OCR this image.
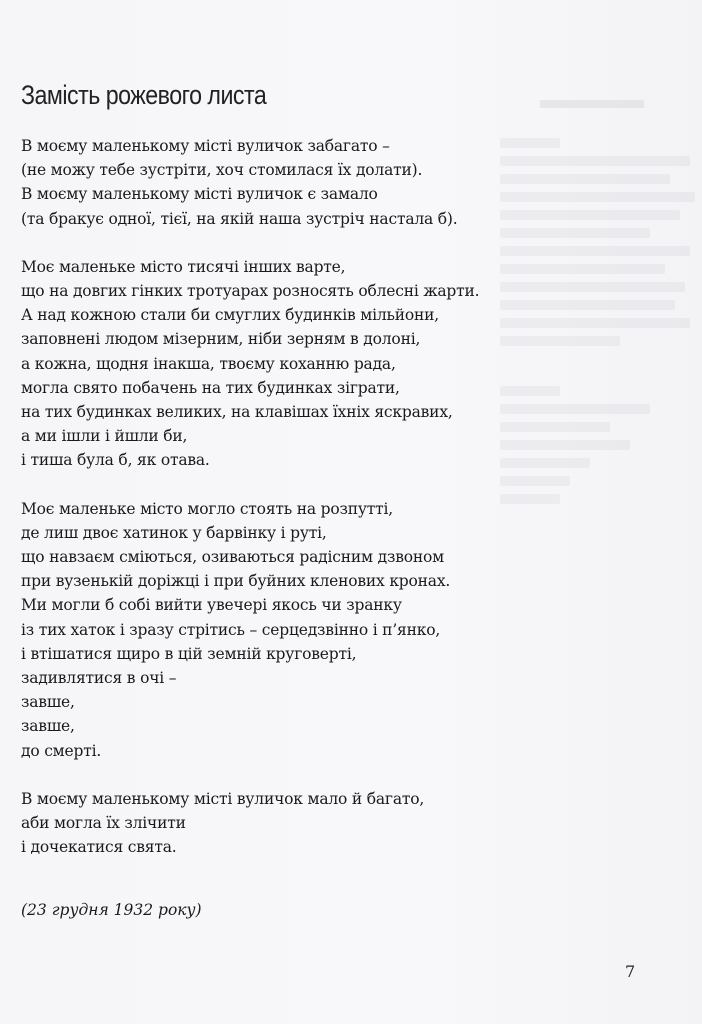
▬▬▬▬
Замість рожевого листа
В моєму маленькому місті вуличок забагато –
(не можу тебе зустріти, хоч стомилася їх долати).
В моєму маленькому місті вуличок є замало
(та бракує одної, тієї, на якій наша зустріч настала б).
Моє маленьке місто тисячі інших варте,
що на довгих гінких тротуарах розносять облесні жарти.
А над кожною стали би смуглих будинків мільйони,
заповнені людом мізерним, ніби зерням в долоні,
а кожна, щодня інакша, твоєму коханню рада,
могла свято побачень на тих будинках зіграти,
на тих будинках великих, на клавішах їхніх яскравих,
а ми ішли і йшли би,
і тиша була б, як отава.
Моє маленьке місто могло стоять на розпутті,
де лиш двоє хатинок у барвінку і руті,
що навзаєм сміються, озиваються радісним дзвоном
при вузенькій доріжці і при буйних кленових кронах.
Ми могли б собі вийти увечері якось чи зранку
із тих хаток і зразу стрітись – серцедзвінно і п’янко,
і втішатися щиро в цій земній круговерті,
задивлятися в очі –
завше,
завше,
до смерті.
В моєму маленькому місті вуличок мало й багато,
аби могла їх злічити
і дочекатися свята.
(23 грудня 1932 року)
7
